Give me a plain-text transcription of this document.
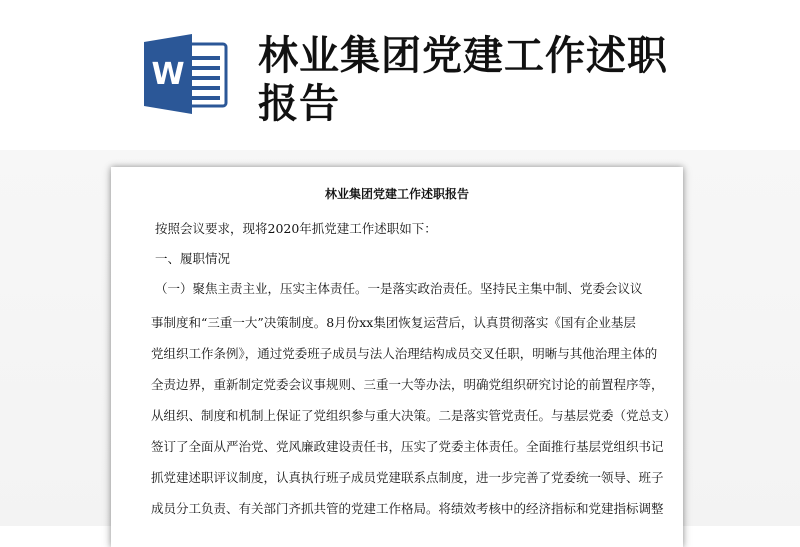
W 林业集团党建工作述职报告
林业集团党建工作述职报告
按照会议要求，现将2020年抓党建工作述职如下：
一、履职情况
（一）聚焦主责主业，压实主体责任。一是落实政治责任。坚持民主集中制、党委会议议
事制度和“三重一大”决策制度。8月份xx集团恢复运营后，认真贯彻落实《国有企业基层
党组织工作条例》，通过党委班子成员与法人治理结构成员交叉任职，明晰与其他治理主体的
全责边界，重新制定党委会议事规则、三重一大等办法，明确党组织研究讨论的前置程序等，
从组织、制度和机制上保证了党组织参与重大决策。二是落实管党责任。与基层党委（党总支）
签订了全面从严治党、党风廉政建设责任书，压实了党委主体责任。全面推行基层党组织书记
抓党建述职评议制度，认真执行班子成员党建联系点制度，进一步完善了党委统一领导、班子
成员分工负责、有关部门齐抓共管的党建工作格局。将绩效考核中的经济指标和党建指标调整
